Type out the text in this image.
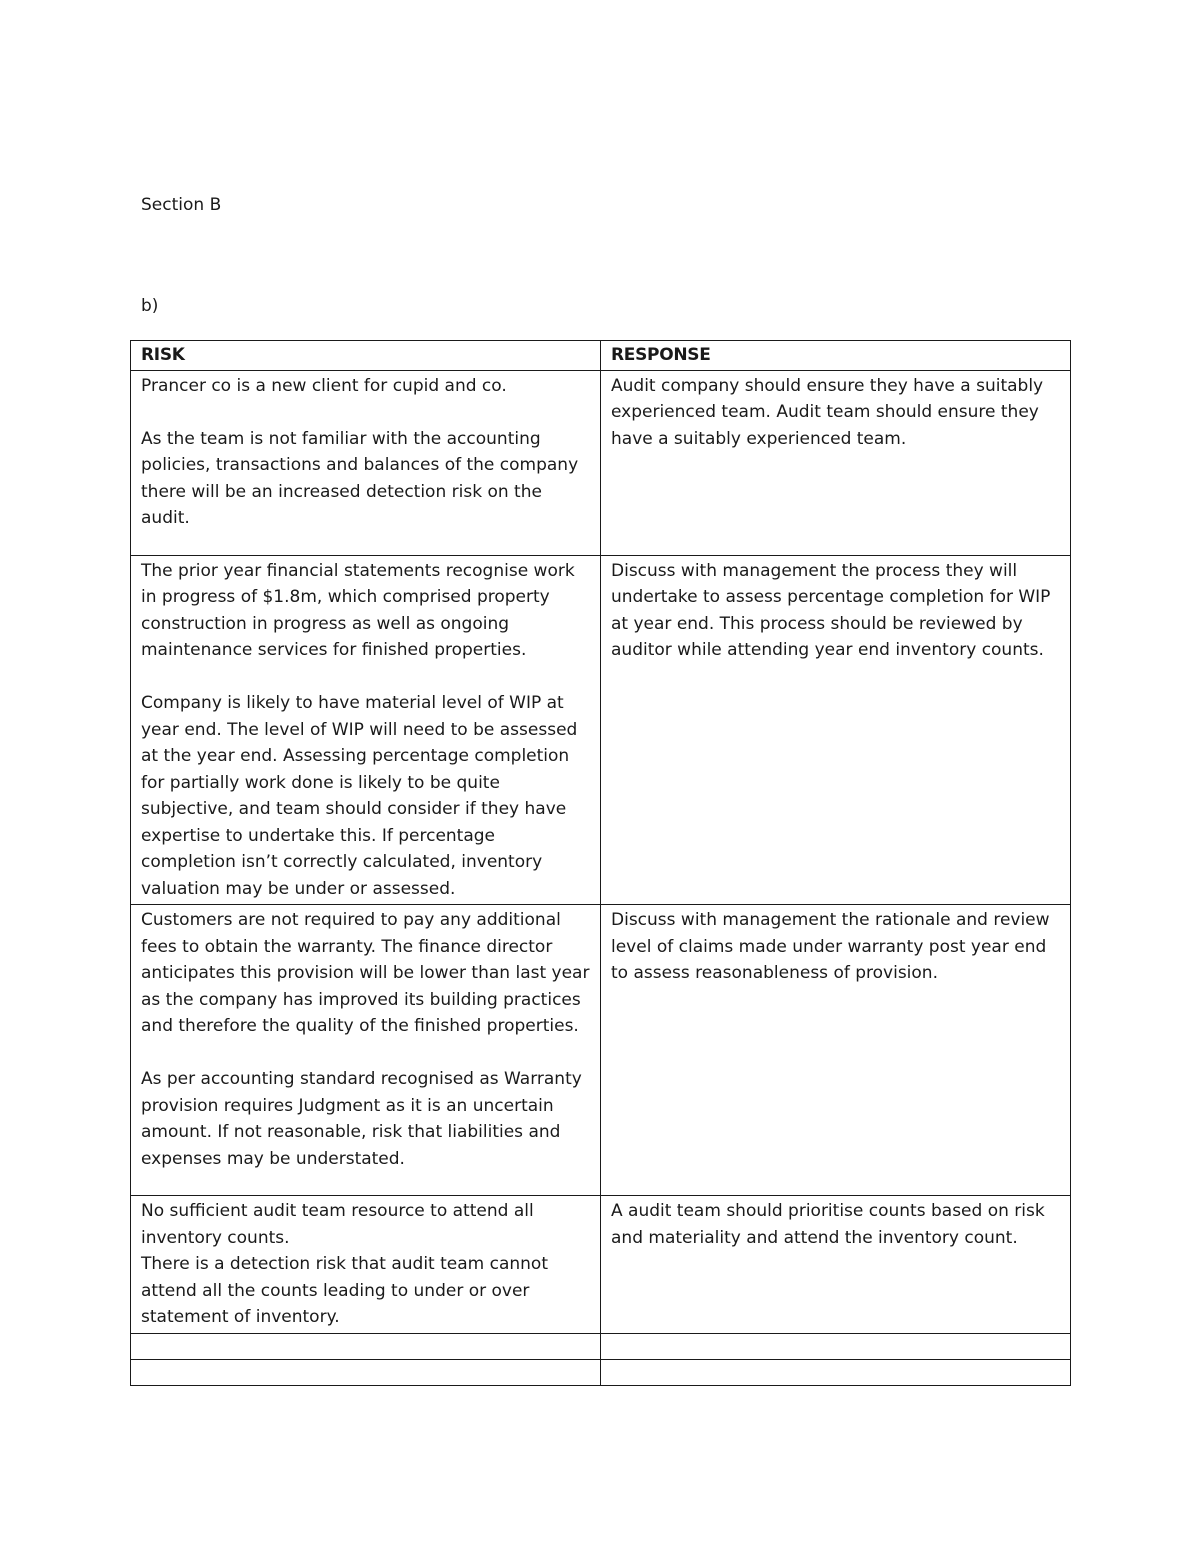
Section B
b)
RISK	RESPONSE

Prancer co is a new client for cupid and co.

As the team is not familiar with the accounting policies, transactions and balances of the company there will be an increased detection risk on the audit.	Audit company should ensure they have a suitably experienced team. Audit team should ensure they have a suitably experienced team.

The prior year financial statements recognise work in progress of $1.8m, which comprised property construction in progress as well as ongoing maintenance services for finished properties.

Company is likely to have material level of WIP at year end. The level of WIP will need to be assessed at the year end. Assessing percentage completion for partially work done is likely to be quite subjective, and team should consider if they have expertise to undertake this. If percentage completion isn’t correctly calculated, inventory valuation may be under or assessed.	Discuss with management the process they will undertake to assess percentage completion for WIP at year end. This process should be reviewed by auditor while attending year end inventory counts.

Customers are not required to pay any additional fees to obtain the warranty. The finance director anticipates this provision will be lower than last year as the company has improved its building practices and therefore the quality of the finished properties.

As per accounting standard recognised as Warranty provision requires Judgment as it is an uncertain amount. If not reasonable, risk that liabilities and expenses may be understated.	Discuss with management the rationale and review level of claims made under warranty post year end to assess reasonableness of provision.

No sufficient audit team resource to attend all inventory counts.

There is a detection risk that audit team cannot attend all the counts leading to under or over statement of inventory.	A audit team should prioritise counts based on risk and materiality and attend the inventory count.
